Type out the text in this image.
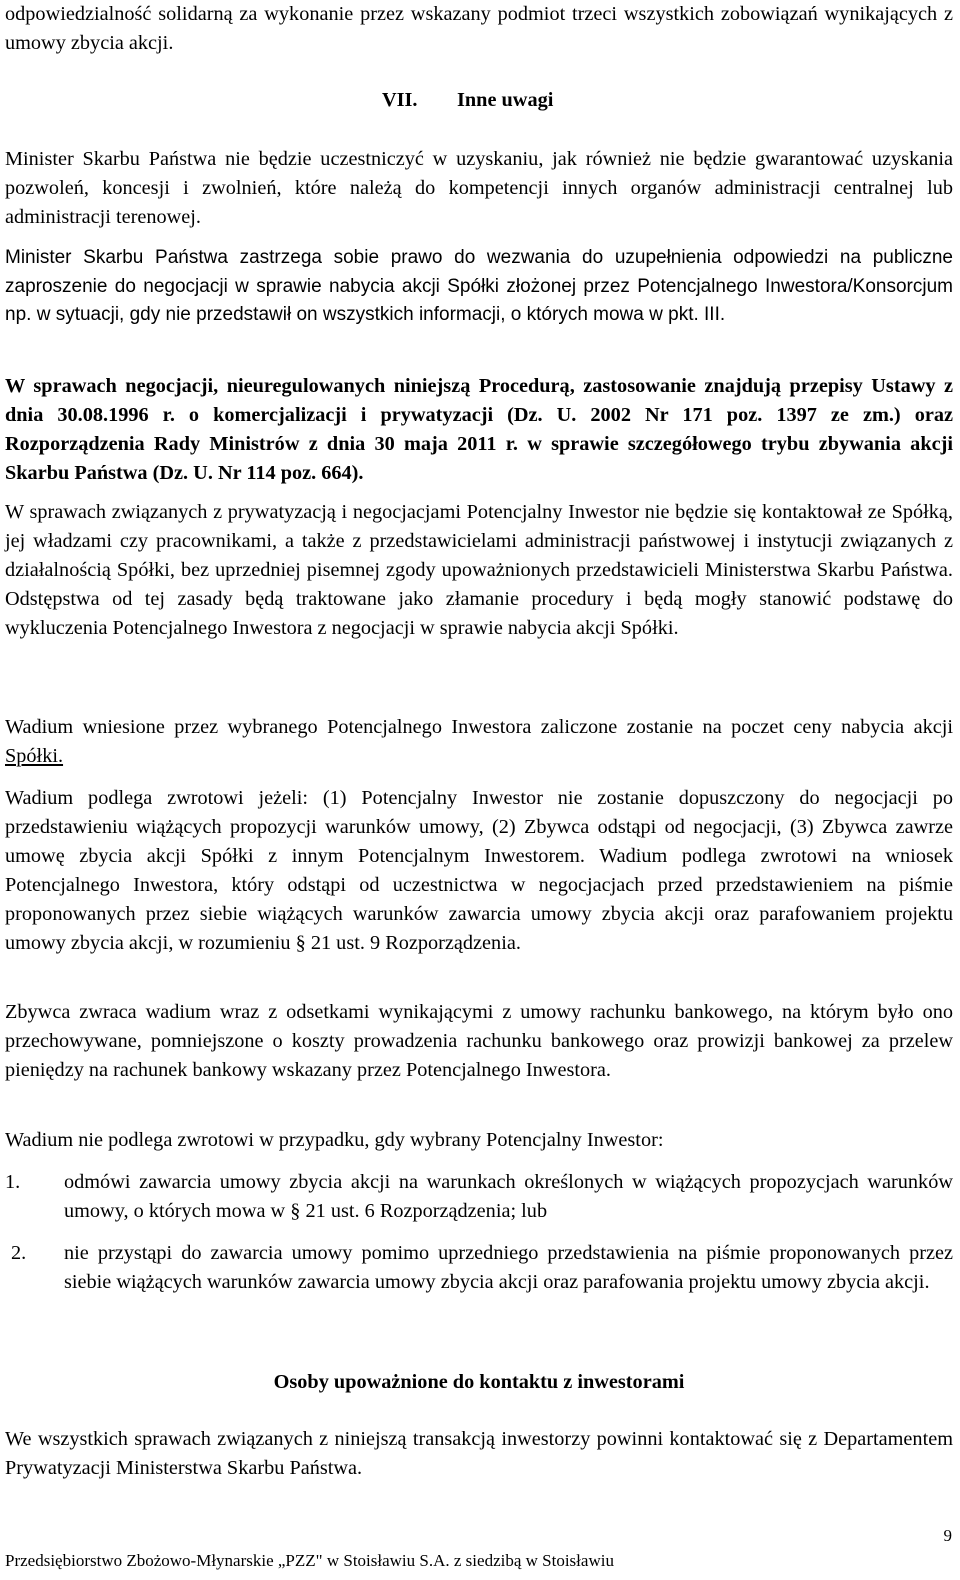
odpowiedzialność solidarną za wykonanie przez wskazany podmiot trzeci wszystkich zobowiązań wynikających z umowy zbycia akcji.

VII. Inne uwagi

Minister Skarbu Państwa nie będzie uczestniczyć w uzyskaniu, jak również nie będzie gwarantować uzyskania pozwoleń, koncesji i zwolnień, które należą do kompetencji innych organów administracji centralnej lub administracji terenowej.

Minister Skarbu Państwa zastrzega sobie prawo do wezwania do uzupełnienia odpowiedzi na publiczne zaproszenie do negocjacji w sprawie nabycia akcji Spółki złożonej przez Potencjalnego Inwestora/Konsorcjum np. w sytuacji, gdy nie przedstawił on wszystkich informacji, o których mowa w pkt. III.

W sprawach negocjacji, nieuregulowanych niniejszą Procedurą, zastosowanie znajdują przepisy Ustawy z dnia 30.08.1996 r. o komercjalizacji i prywatyzacji (Dz. U. 2002 Nr 171 poz. 1397 ze zm.) oraz Rozporządzenia Rady Ministrów z dnia 30 maja 2011 r. w sprawie szczegółowego trybu zbywania akcji Skarbu Państwa (Dz. U. Nr 114 poz. 664).

W sprawach związanych z prywatyzacją i negocjacjami Potencjalny Inwestor nie będzie się kontaktował ze Spółką, jej władzami czy pracownikami, a także z przedstawicielami administracji państwowej i instytucji związanych z działalnością Spółki, bez uprzedniej pisemnej zgody upoważnionych przedstawicieli Ministerstwa Skarbu Państwa. Odstępstwa od tej zasady będą traktowane jako złamanie procedury i będą mogły stanowić podstawę do wykluczenia Potencjalnego Inwestora z negocjacji w sprawie nabycia akcji Spółki.

Wadium wniesione przez wybranego Potencjalnego Inwestora zaliczone zostanie na poczet ceny nabycia akcji Spółki.

Wadium podlega zwrotowi jeżeli: (1) Potencjalny Inwestor nie zostanie dopuszczony do negocjacji po przedstawieniu wiążących propozycji warunków umowy, (2) Zbywca odstąpi od negocjacji, (3) Zbywca zawrze umowę zbycia akcji Spółki z innym Potencjalnym Inwestorem. Wadium podlega zwrotowi na wniosek Potencjalnego Inwestora, który odstąpi od uczestnictwa w negocjacjach przed przedstawieniem na piśmie proponowanych przez siebie wiążących warunków zawarcia umowy zbycia akcji oraz parafowaniem projektu umowy zbycia akcji, w rozumieniu § 21 ust. 9 Rozporządzenia.

Zbywca zwraca wadium wraz z odsetkami wynikającymi z umowy rachunku bankowego, na którym było ono przechowywane, pomniejszone o koszty prowadzenia rachunku bankowego oraz prowizji bankowej za przelew pieniędzy na rachunek bankowy wskazany przez Potencjalnego Inwestora.

Wadium nie podlega zwrotowi w przypadku, gdy wybrany Potencjalny Inwestor:

1. odmówi zawarcia umowy zbycia akcji na warunkach określonych w wiążących propozycjach warunków umowy, o których mowa w § 21 ust. 6 Rozporządzenia; lub

2. nie przystąpi do zawarcia umowy pomimo uprzedniego przedstawienia na piśmie proponowanych przez siebie wiążących warunków zawarcia umowy zbycia akcji oraz parafowania projektu umowy zbycia akcji.

Osoby upoważnione do kontaktu z inwestorami

We wszystkich sprawach związanych z niniejszą transakcją inwestorzy powinni kontaktować się z Departamentem Prywatyzacji Ministerstwa Skarbu Państwa.

9
Przedsiębiorstwo Zbożowo-Młynarskie „PZZ" w Stoisławiu S.A. z siedzibą w Stoisławiu
